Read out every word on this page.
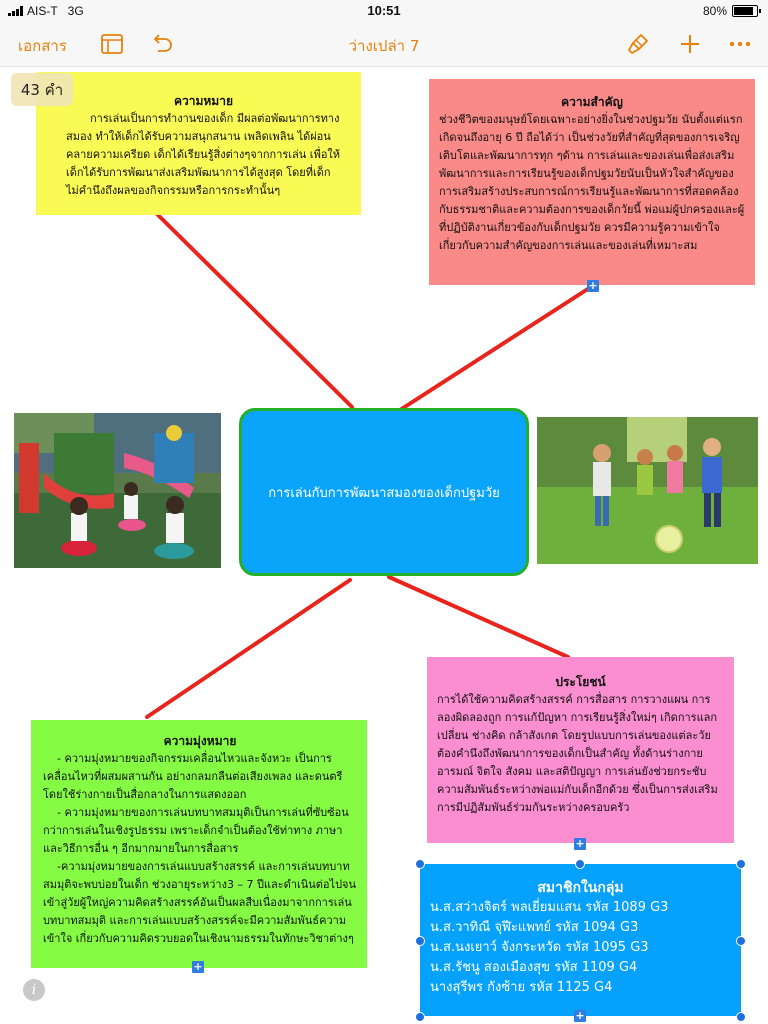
AIS-T 3G	10:51	80%
เอกสาร	ว่างเปล่า 7
43 คำ
ความหมาย

การเล่นเป็นการทำงานของเด็ก มีผลต่อพัฒนาการทางสมอง ทำให้เด็กได้รับความสนุกสนาน เพลิดเพลิน ได้ผ่อนคลายความเครียด เด็กได้เรียนรู้สิ่งต่างๆจากการเล่น เพื่อให้เด็กได้รับการพัฒนาส่งเสริมพัฒนาการได้สูงสุด โดยที่เด็กไม่คำนึงถึงผลของกิจกรรมหรือการกระทำนั้นๆ

ความสำคัญ

ช่วงชีวิตของมนุษย์โดยเฉพาะอย่างยิ่งในช่วงปฐมวัย นับตั้งแต่แรกเกิดจนถึงอายุ 6 ปี ถือได้ว่า เป็นช่วงวัยที่สำคัญที่สุดของการเจริญเติบโตและพัฒนาการทุก ๆด้าน การเล่นและของเล่นเพื่อส่งเสริมพัฒนาการและการเรียนรู้ของเด็กปฐมวัยนับเป็นหัวใจสำคัญของการเสริมสร้างประสบการณ์การเรียนรู้และพัฒนาการที่สอดคล้องกับธรรมชาติและความต้องการของเด็กวัยนี้ พ่อแม่ผู้ปกครองและผู้ที่ปฏิบัติงานเกี่ยวข้องกับเด็กปฐมวัย ควรมีความรู้ความเข้าใจ เกี่ยวกับความสำคัญของการเล่นและของเล่นที่เหมาะสม

+
การเล่นกับการพัฒนาสมองของเด็กปฐมวัย
ประโยชน์

การได้ใช้ความคิดสร้างสรรค์ การสื่อสาร การวางแผน การลองผิดลองถูก การแก้ปัญหา การเรียนรู้สิ่งใหม่ๆ เกิดการแลกเปลี่ยน ช่างคิด กล้าสังเกต โดยรูปแบบการเล่นของแต่ละวัยต้องคำนึงถึงพัฒนาการของเด็กเป็นสำคัญ ทั้งด้านร่างกาย อารมณ์ จิตใจ สังคม และสติปัญญา การเล่นยังช่วยกระชับความสัมพันธ์ระหว่างพ่อแม่กับเด็กอีกด้วย ซึ่งเป็นการส่งเสริมการมีปฏิสัมพันธ์ร่วมกันระหว่างครอบครัว

+
ความมุ่งหมาย

- ความมุ่งหมายของกิจกรรมเคลื่อนไหวและจังหวะ เป็นการเคลื่อนไหวที่ผสมผสานกัน อย่างกลมกลืนต่อเสียงเพลง และดนตรี โดยใช้ร่างกายเป็นสื่อกลางในการแสดงออก

- ความมุ่งหมายของการเล่นบทบาทสมมุติเป็นการเล่นที่ซับซ้อนกว่าการเล่นในเชิงรูปธรรม เพราะเด็กจำเป็นต้องใช้ท่าทาง ภาษา และวิธีการอื่น ๆ อีกมากมายในการสื่อสาร

-ความมุ่งหมายของการเล่นแบบสร้างสรรค์ และการเล่นบทบาทสมมุติจะพบบ่อยในเด็ก ช่วงอายุระหว่าง3 – 7 ปีและดำเนินต่อไปจนเข้าสู่วัยผู้ใหญ่ความคิดสร้างสรรค์อันเป็นผลสืบเนื่องมาจากการเล่นบทบาทสมมุติ และการเล่นแบบสร้างสรรค์จะมีความสัมพันธ์ความเข้าใจ เกี่ยวกับความคิดรวบยอดในเชิงนามธรรมในทักษะวิชาต่างๆ

+
สมาชิกในกลุ่ม
น.ส.สว่างจิตร์ พลเยี่ยมแสน รหัส 1089 G3
น.ส.วาทิณี จุฬีะแพทย์ รหัส 1094 G3
น.ส.นงเยาว์ จังกระหวัด รหัส 1095 G3
น.ส.รัชนู สองเมืองสุข รหัส 1109 G4
นางสุรีพร กังซ้าย รหัส 1125 G4
+
i
